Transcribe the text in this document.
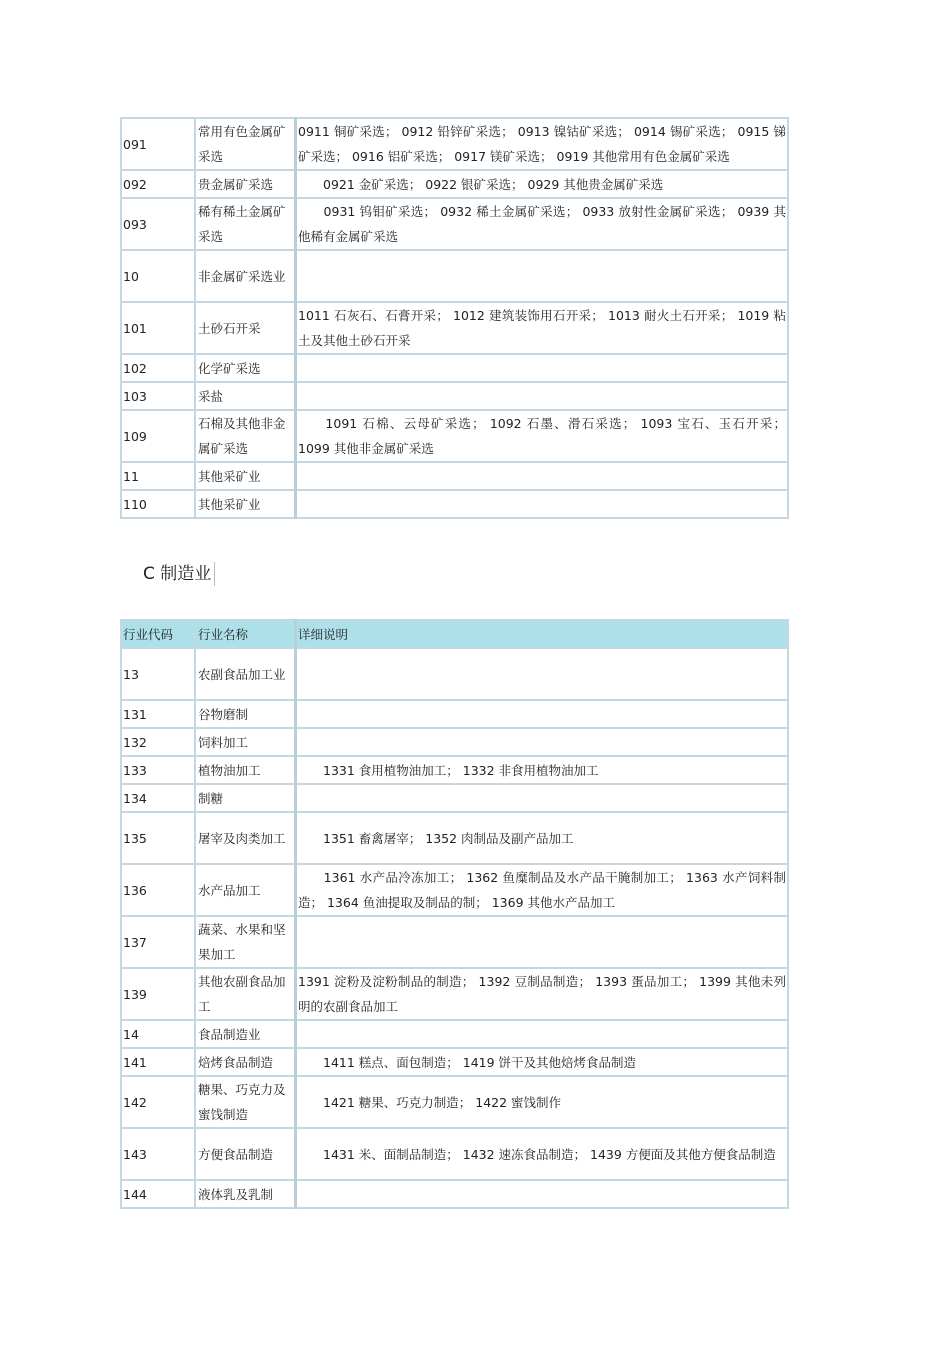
091	常用有色金属矿采选	0911 铜矿采选； 0912 铅锌矿采选； 0913 镍钴矿采选； 0914 锡矿采选； 0915 锑矿采选； 0916 铝矿采选； 0917 镁矿采选； 0919 其他常用有色金属矿采选
092	贵金属矿采选	　　0921 金矿采选； 0922 银矿采选； 0929 其他贵金属矿采选
093	稀有稀土金属矿采选	　　0931 钨钼矿采选； 0932 稀土金属矿采选； 0933 放射性金属矿采选； 0939 其他稀有金属矿采选
10	非金属矿采选业	
101	土砂石开采	1011 石灰石、石膏开采； 1012 建筑装饰用石开采； 1013 耐火土石开采； 1019 粘土及其他土砂石开采
102	化学矿采选	
103	采盐	
109	石棉及其他非金属矿采选	　　1091 石棉、云母矿采选； 1092 石墨、滑石采选； 1093 宝石、玉石开采； 1099 其他非金属矿采选
11	其他采矿业	
110	其他采矿业	
C 制造业
行业代码	行业名称	详细说明
13	农副食品加工业	
131	谷物磨制	
132	饲料加工	
133	植物油加工	　　1331 食用植物油加工； 1332 非食用植物油加工
134	制糖	
135	屠宰及肉类加工	　　1351 畜禽屠宰； 1352 肉制品及副产品加工
136	水产品加工	　　1361 水产品冷冻加工； 1362 鱼糜制品及水产品干腌制加工； 1363 水产饲料制造； 1364 鱼油提取及制品的制； 1369 其他水产品加工
137	蔬菜、水果和坚果加工	
139	其他农副食品加工	1391 淀粉及淀粉制品的制造； 1392 豆制品制造； 1393 蛋品加工； 1399 其他未列明的农副食品加工
14	食品制造业	
141	焙烤食品制造	　　1411 糕点、面包制造； 1419 饼干及其他焙烤食品制造
142	糖果、巧克力及蜜饯制造	　　1421 糖果、巧克力制造； 1422 蜜饯制作
143	方便食品制造	　　1431 米、面制品制造； 1432 速冻食品制造； 1439 方便面及其他方便食品制造
144	液体乳及乳制	
